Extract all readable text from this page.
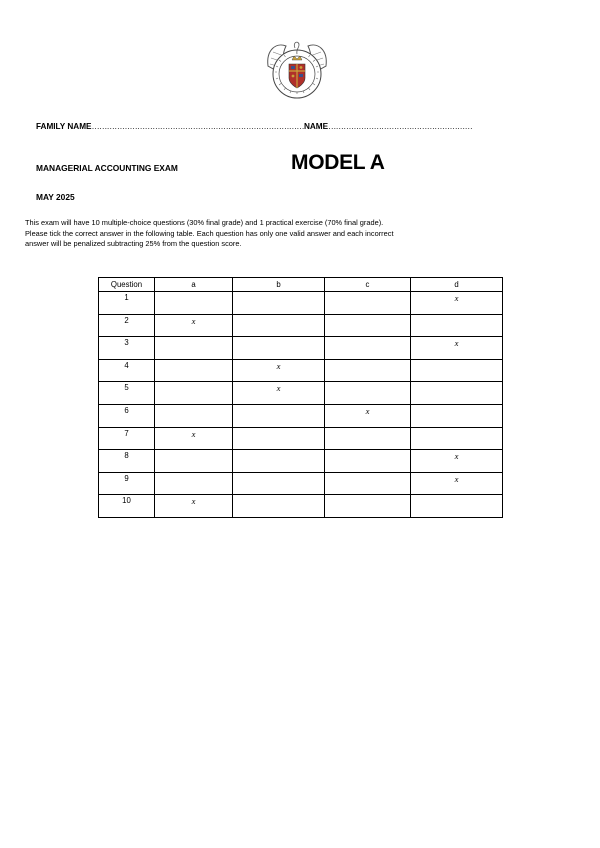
FAMILY NAME…………………………………………………………………………NAME…………………………………………………
MANAGERIAL ACCOUNTING EXAM	MODEL A
MAY 2025
This exam will have 10 multiple-choice questions (30% final grade) and 1 practical exercise (70% final grade).
Please tick the correct answer in the following table. Each question has only one valid answer and each incorrect
answer will be penalized subtracting 25% from the question score.
Question	a	b	c	d
1				x
2	x			
3				x
4		x		
5		x		
6			x	
7	x			
8				x
9				x
10	x			
